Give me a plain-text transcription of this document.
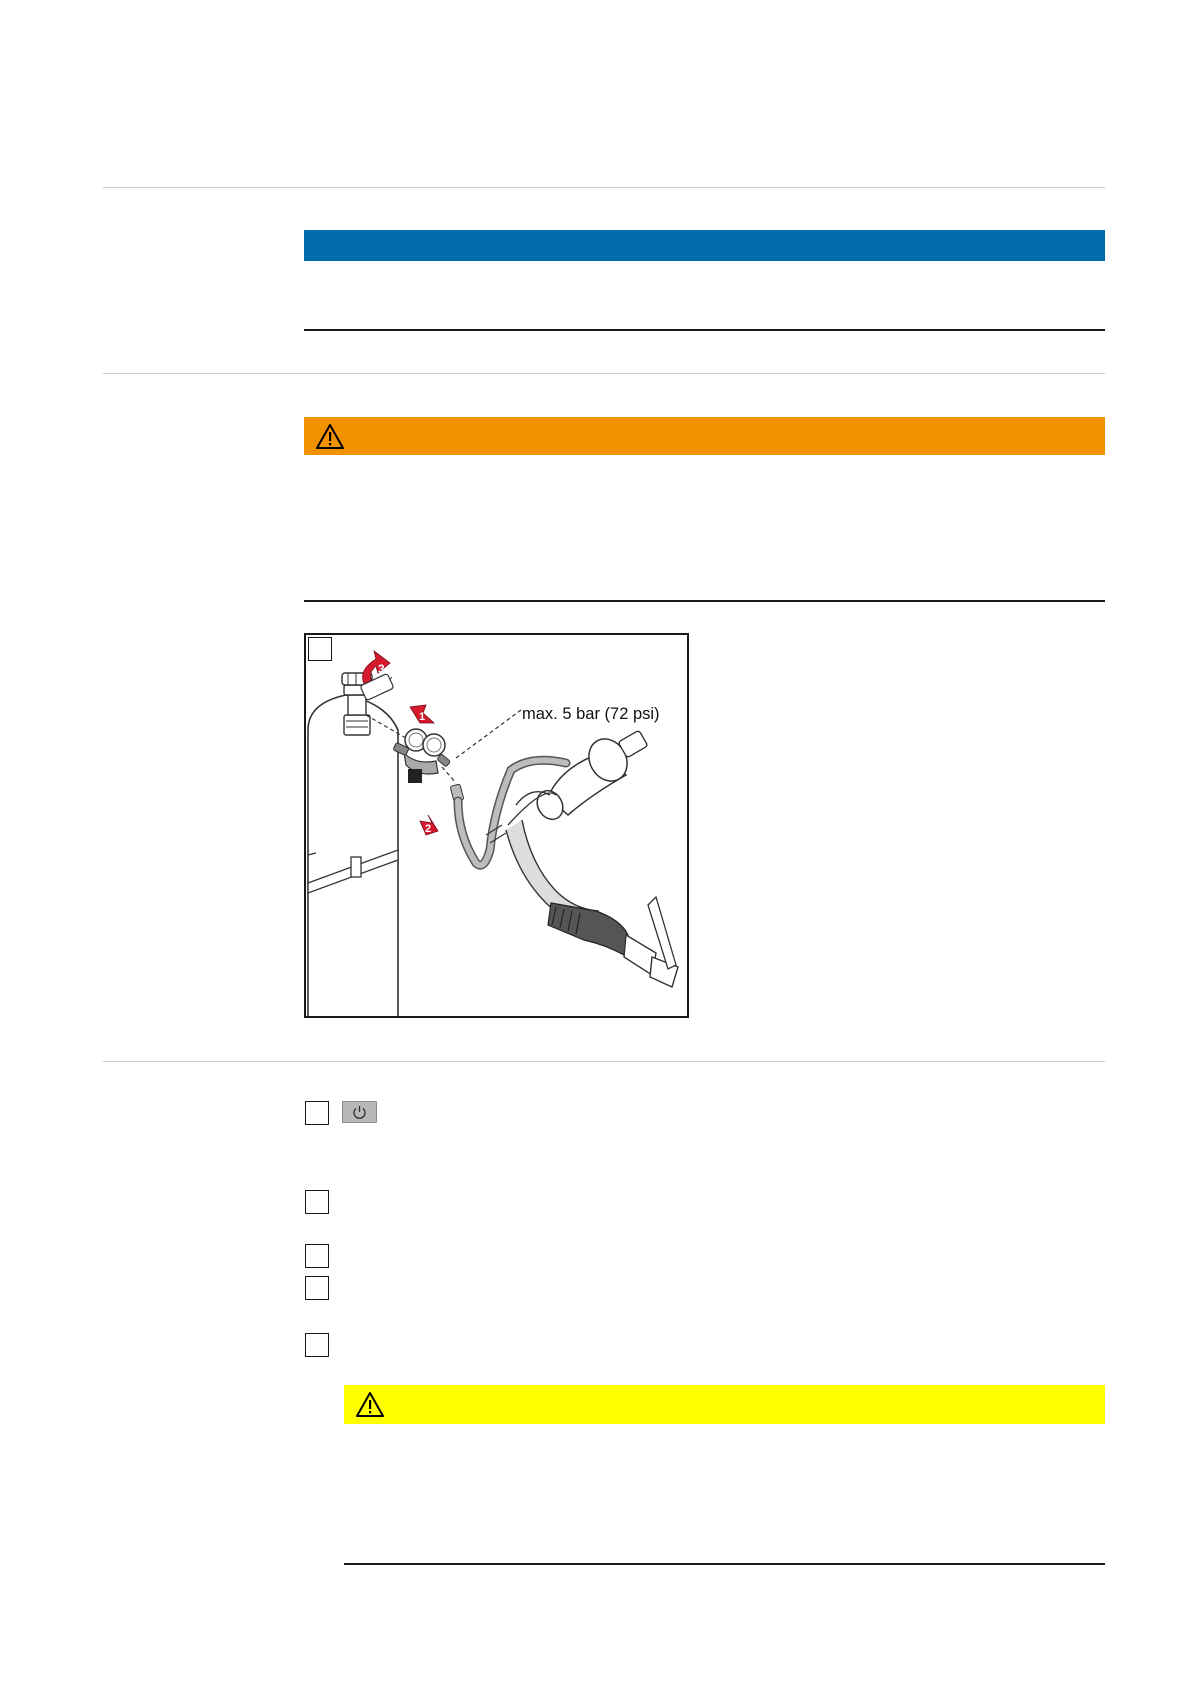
3
1
2
max. 5 bar (72 psi)
